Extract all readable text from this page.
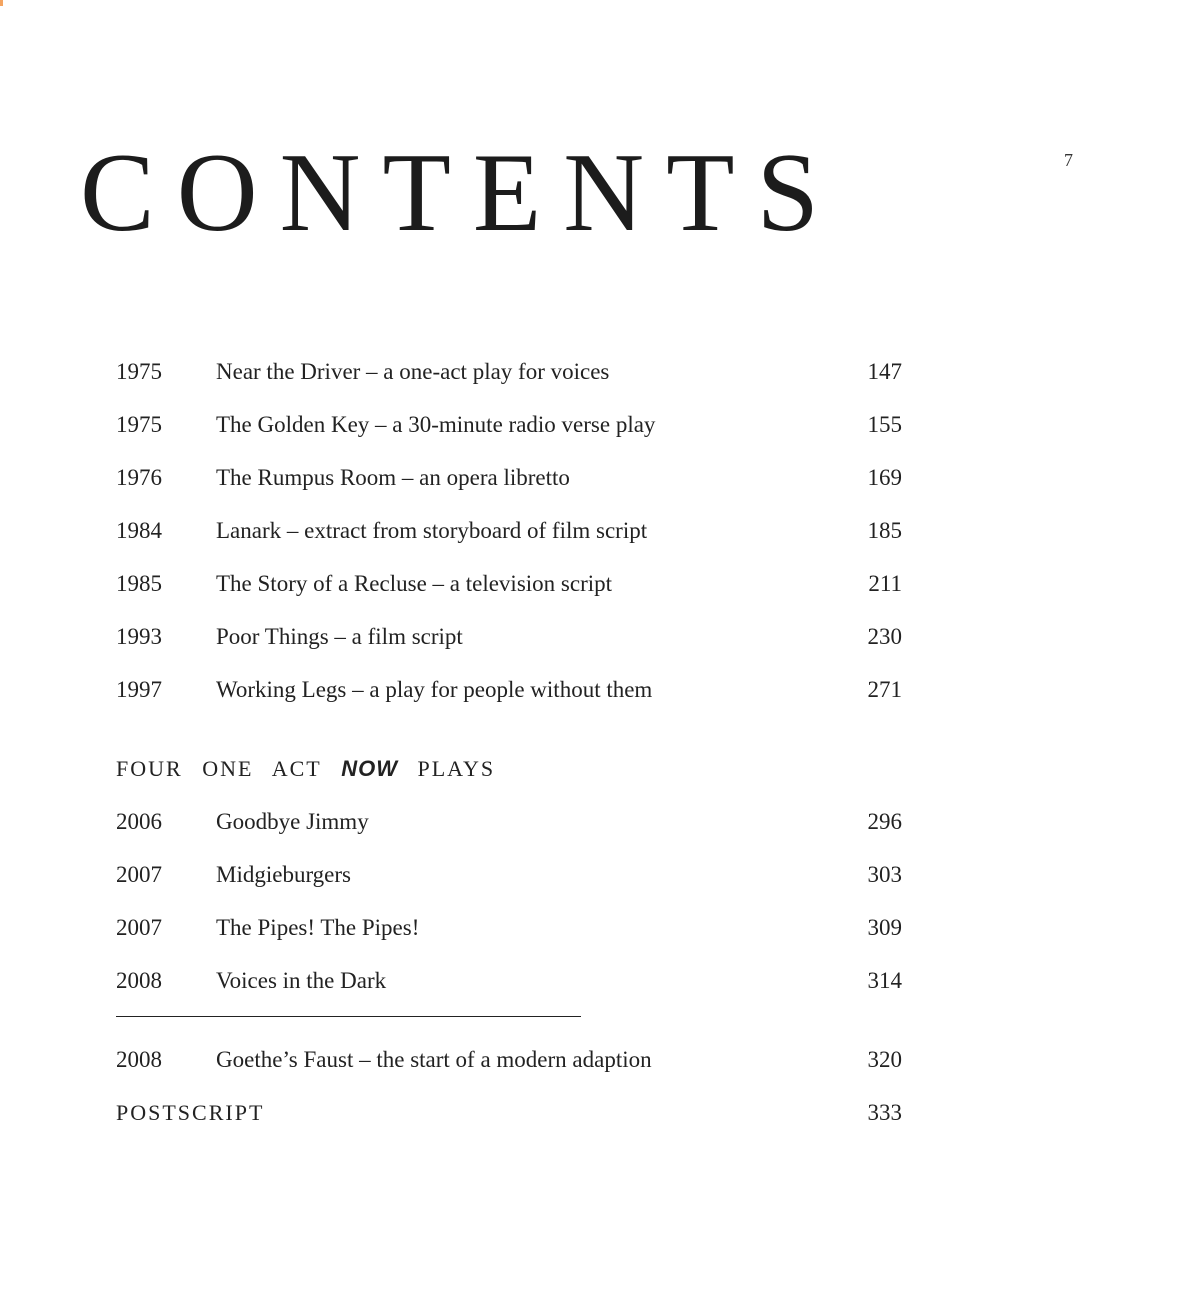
CONTENTS	7
1975 Near the Driver – a one-act play for voices	147
1975 The Golden Key – a 30-minute radio verse play	155
1976 The Rumpus Room – an opera libretto	169
1984 Lanark – extract from storyboard of film script	185
1985 The Story of a Recluse – a television script	211
1993 Poor Things – a film script	230
1997 Working Legs – a play for people without them	271
FOUR ONE ACT NOW PLAYS
2006 Goodbye Jimmy	296
2007 Midgieburgers	303
2007 The Pipes! The Pipes!	309
2008 Voices in the Dark	314
2008 Goethe’s Faust – the start of a modern adaption	320
POSTSCRIPT	333
